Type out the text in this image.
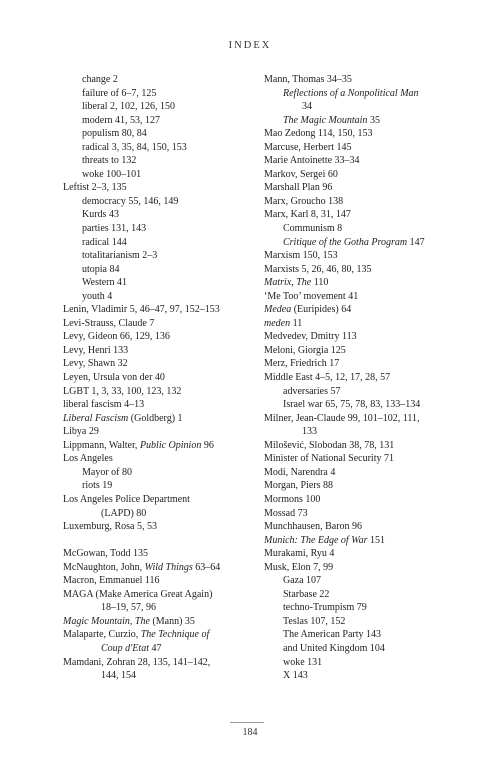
INDEX
change 2
failure of 6–7, 125
liberal 2, 102, 126, 150
modern 41, 53, 127
populism 80, 84
radical 3, 35, 84, 150, 153
threats to 132
woke 100–101
Leftist 2–3, 135
democracy 55, 146, 149
Kurds 43
parties 131, 143
radical 144
totalitarianism 2–3
utopia 84
Western 41
youth 4
Lenin, Vladimir 5, 46–47, 97, 152–153
Levi-Strauss, Claude 7
Levy, Gideon 66, 129, 136
Levy, Henri 133
Levy, Shawn 32
Leyen, Ursula von der 40
LGBT 1, 3, 33, 100, 123, 132
liberal fascism 4–13
Liberal Fascism (Goldberg) 1
Libya 29
Lippmann, Walter, Public Opinion 96
Los Angeles
Mayor of 80
riots 19
Los Angeles Police Department
(LAPD) 80
Luxemburg, Rosa 5, 53
McGowan, Todd 135
McNaughton, John, Wild Things 63–64
Macron, Emmanuel 116
MAGA (Make America Great Again)
18–19, 57, 96
Magic Mountain, The (Mann) 35
Malaparte, Curzio, The Technique of
Coup d'Etat 47
Mamdani, Zohran 28, 135, 141–142,
144, 154
Mann, Thomas 34–35
Reflections of a Nonpolitical Man
34
The Magic Mountain 35
Mao Zedong 114, 150, 153
Marcuse, Herbert 145
Marie Antoinette 33–34
Markov, Sergei 60
Marshall Plan 96
Marx, Groucho 138
Marx, Karl 8, 31, 147
Communism 8
Critique of the Gotha Program 147
Marxism 150, 153
Marxists 5, 26, 46, 80, 135
Matrix, The 110
‘Me Too’ movement 41
Medea (Euripides) 64
meden 11
Medvedev, Dmitry 113
Meloni, Giorgia 125
Merz, Friedrich 17
Middle East 4–5, 12, 17, 28, 57
adversaries 57
Israel war 65, 75, 78, 83, 133–134
Milner, Jean-Claude 99, 101–102, 111,
133
Milošević, Slobodan 38, 78, 131
Minister of National Security 71
Modi, Narendra 4
Morgan, Piers 88
Mormons 100
Mossad 73
Munchhausen, Baron 96
Munich: The Edge of War 151
Murakami, Ryu 4
Musk, Elon 7, 99
Gaza 107
Starbase 22
techno-Trumpism 79
Teslas 107, 152
The American Party 143
and United Kingdom 104
woke 131
X 143
184
